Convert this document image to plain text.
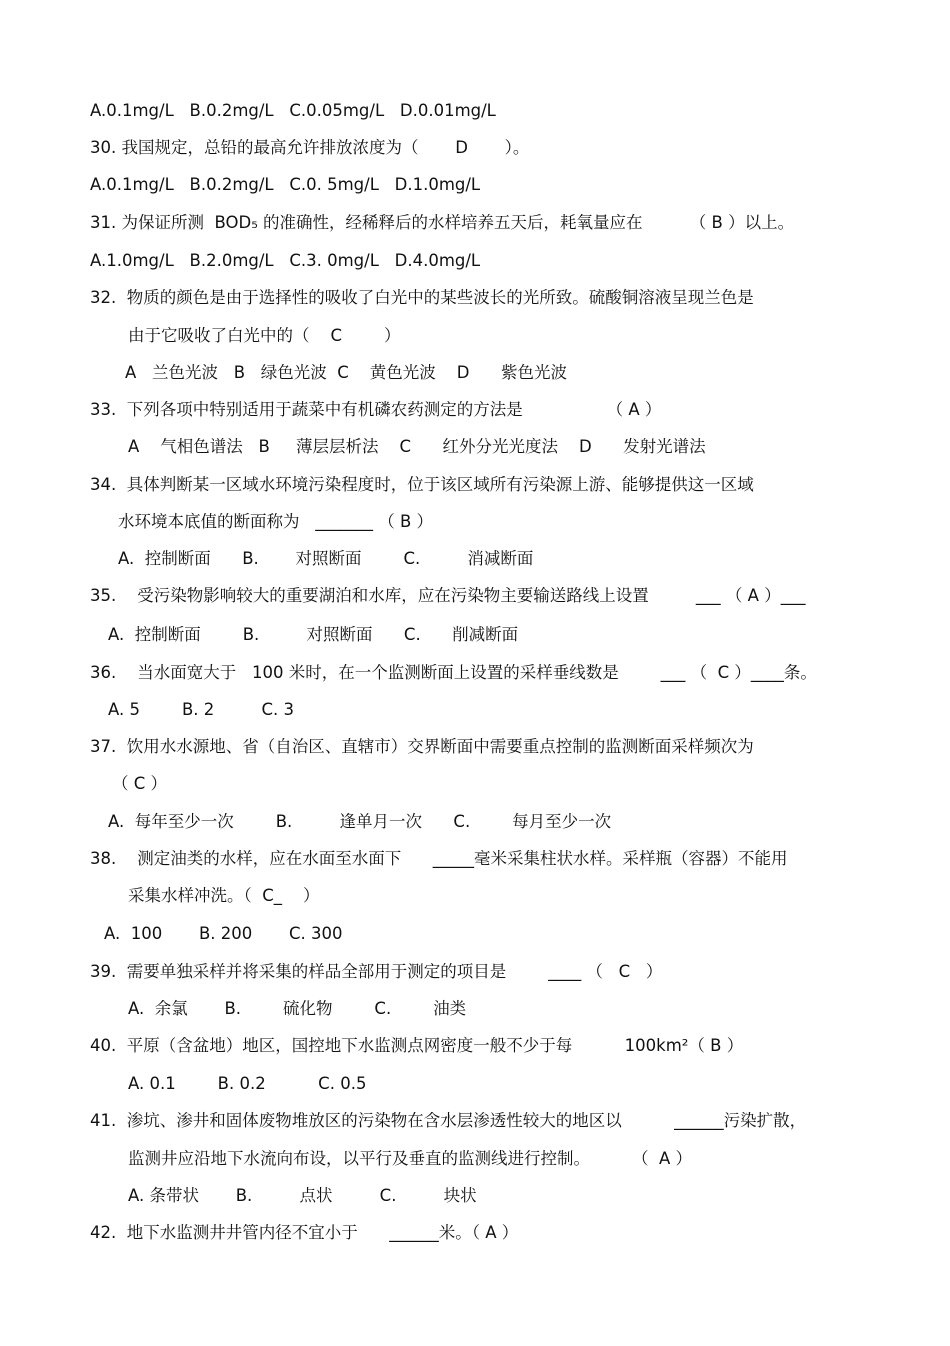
A.0.1mg/L   B.0.2mg/L   C.0.05mg/L   D.0.01mg/L
30. 我国规定，总铅的最高允许排放浓度为（       D       ）。
A.0.1mg/L   B.0.2mg/L   C.0. 5mg/L   D.1.0mg/L
31. 为保证所测  BOD₅ 的准确性，经稀释后的水样培养五天后，耗氧量应在         （ B ）以上。
A.1.0mg/L   B.2.0mg/L   C.3. 0mg/L   D.4.0mg/L
32.  物质的颜色是由于选择性的吸收了白光中的某些波长的光所致。硫酸铜溶液呈现兰色是
由于它吸收了白光中的（    C        ）
A   兰色光波   B   绿色光波  C    黄色光波    D      紫色光波
33.  下列各项中特别适用于蔬菜中有机磷农药测定的方法是                （ A ）
A    气相色谱法   B     薄层层析法    C      红外分光光度法    D      发射光谱法
34.  具体判断某一区域水环境污染程度时，位于该区域所有污染源上游、能够提供这一区域
水环境本底值的断面称为   _______ （ B ）
A.  控制断面      B.       对照断面        C.         消减断面
35.    受污染物影响较大的重要湖泊和水库，应在污染物主要输送路线上设置         ___ （ A ）___
A.  控制断面        B.         对照断面      C.      削减断面
36.    当水面宽大于   100 米时，在一个监测断面上设置的采样垂线数是        ___ （  C ）____条。
A. 5        B. 2         C. 3
37.  饮用水水源地、省（自治区、直辖市）交界断面中需要重点控制的监测断面采样频次为
（ C ）
A.  每年至少一次        B.         逢单月一次      C.        每月至少一次
38.    测定油类的水样，应在水面至水面下      _____毫米采集柱状水样。采样瓶（容器）不能用
采集水样冲洗。（  C_    ）
A.  100       B. 200       C. 300
39.  需要单独采样并将采集的样品全部用于测定的项目是        ____ （   C   ）
A.  余氯       B.        硫化物        C.        油类
40.  平原（含盆地）地区，国控地下水监测点网密度一般不少于每          100km²（ B ）
A. 0.1        B. 0.2          C. 0.5
41.  渗坑、渗井和固体废物堆放区的污染物在含水层渗透性较大的地区以          ______污染扩散，
监测井应沿地下水流向布设，以平行及垂直的监测线进行控制。        （  A ）
A. 条带状       B.         点状         C.         块状
42.  地下水监测井井管内径不宜小于      ______米。（ A ）
